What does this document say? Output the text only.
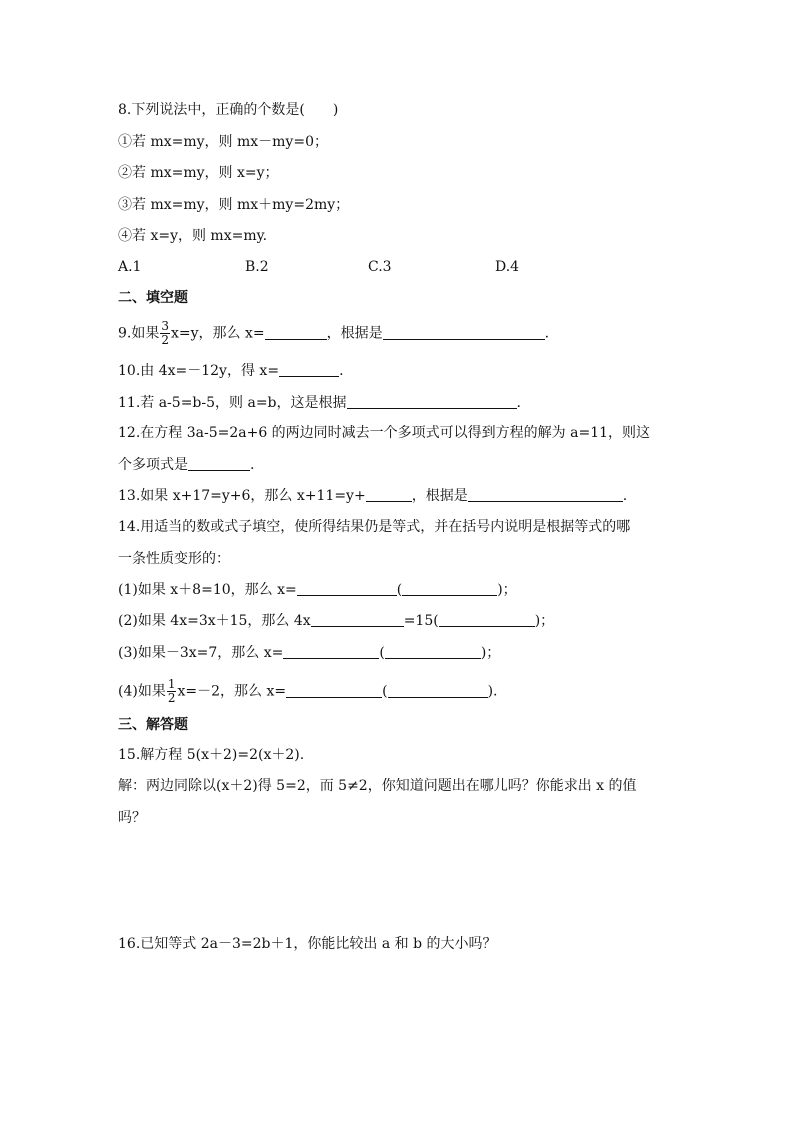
8.下列说法中，正确的个数是(　　)
①若 mx=my，则 mx－my=0；
②若 mx=my，则 x=y；
③若 mx=my，则 mx＋my=2my；
④若 x=y，则 mx=my.
A.1	B.2	C.3	D.4
二、填空题
9.如果 $\frac{3}{2} x=y$，那么 x=	，根据是	.
10.由 4x=－12y，得 x=	.
11.若 a-5=b-5，则 a=b，这是根据	.
12.在方程 3a-5=2a+6 的两边同时减去一个多项式可以得到方程的解为 a=11，则这
个多项式是	.
13.如果 x+17=y+6，那么 x+11=y+	，根据是	.
14.用适当的数或式子填空，使所得结果仍是等式，并在括号内说明是根据等式的哪
一条性质变形的：
(1)如果 x＋8=10，那么 x=	(	)；
(2)如果 4x=3x＋15，那么 4x	=15(	)；
(3)如果－3x=7，那么 x=	(	)；
(4)如果 $\frac{1}{2} x=-2$，那么 x=	(	).
三、解答题
15.解方程 5(x＋2)=2(x＋2).
解：两边同除以(x＋2)得 5=2，而 5≠2，你知道问题出在哪儿吗？你能求出 x 的值
吗？
16.已知等式 2a－3=2b＋1，你能比较出 a 和 b 的大小吗？
